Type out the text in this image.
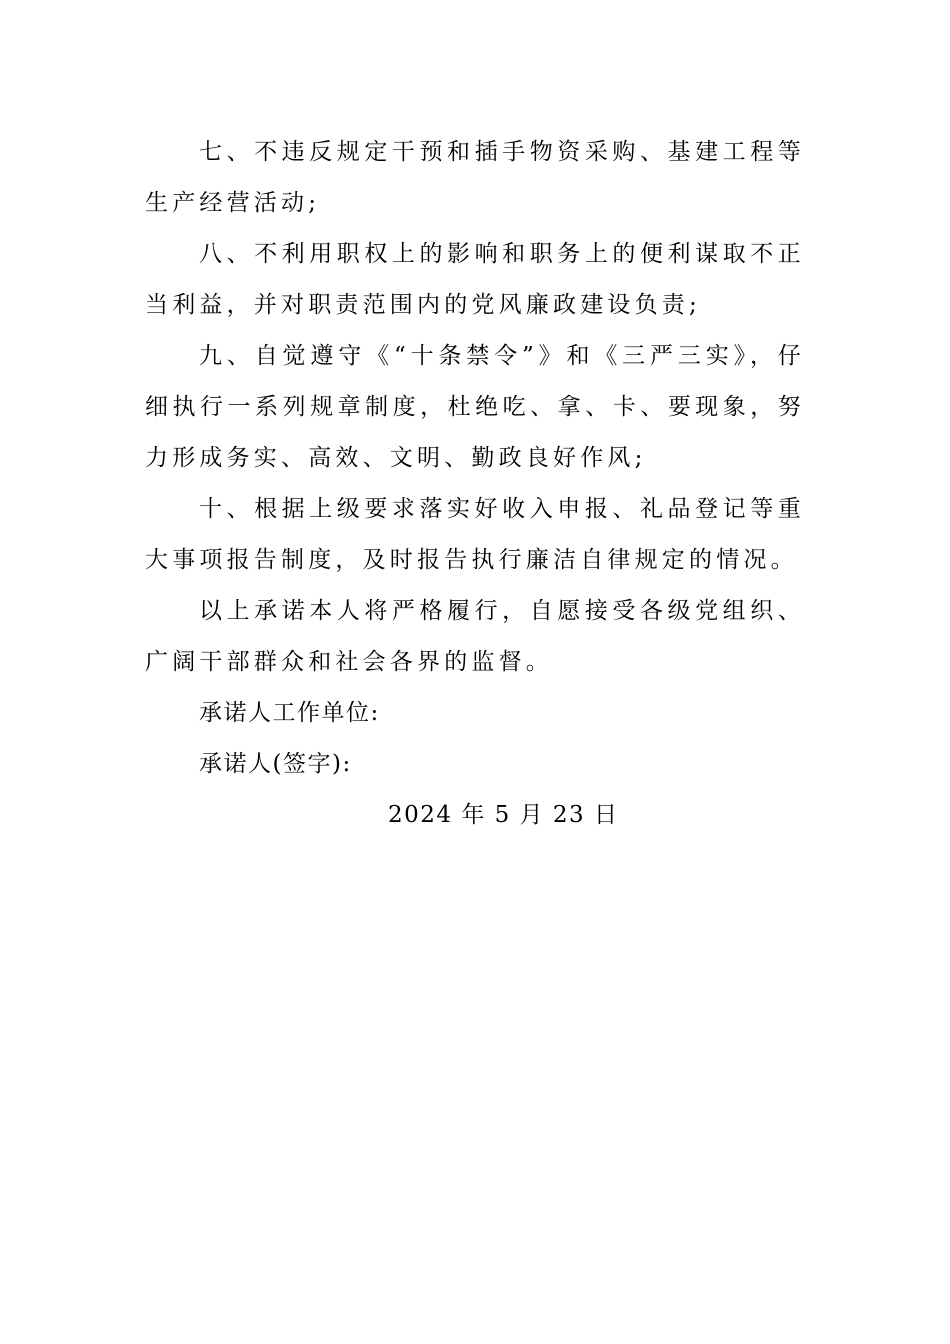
七、不违反规定干预和插手物资采购、基建工程等生产经营活动;

八、不利用职权上的影响和职务上的便利谋取不正当利益，并对职责范围内的党风廉政建设负责;

九、自觉遵守《“十条禁令”》和《三严三实》，仔细执行一系列规章制度，杜绝吃、拿、卡、要现象，努力形成务实、高效、文明、勤政良好作风;

十、根据上级要求落实好收入申报、礼品登记等重大事项报告制度，及时报告执行廉洁自律规定的情况。

以上承诺本人将严格履行，自愿接受各级党组织、广阔干部群众和社会各界的监督。

承诺人工作单位:

承诺人(签字):

2024 年 5 月 23 日
